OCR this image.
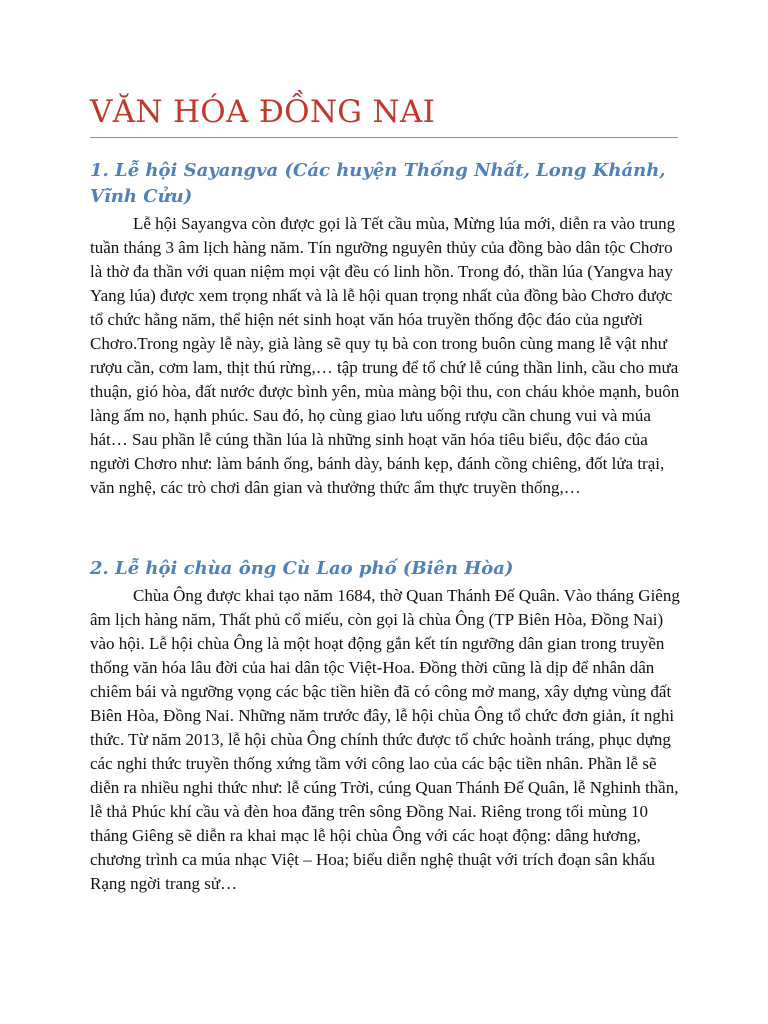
VĂN HÓA ĐỒNG NAI
1. Lễ hội Sayangva (Các huyện Thống Nhất, Long Khánh, Vĩnh Cửu)

Lễ hội Sayangva còn được gọi là Tết cầu mùa, Mừng lúa mới, diễn ra vào trung tuần tháng 3 âm lịch hàng năm. Tín ngưỡng nguyên thủy của đồng bào dân tộc Chơro là thờ đa thần với quan niệm mọi vật đều có linh hồn. Trong đó, thần lúa (Yangva hay Yang lúa) được xem trọng nhất và là lễ hội quan trọng nhất của đồng bào Chơro được tổ chức hằng năm, thể hiện nét sinh hoạt văn hóa truyền thống độc đáo của người Chơro.Trong ngày lễ này, già làng sẽ quy tụ bà con trong buôn cùng mang lễ vật như rượu cần, cơm lam, thịt thú rừng,… tập trung để tổ chứ lễ cúng thần linh, cầu cho mưa thuận, gió hòa, đất nước được bình yên, mùa màng bội thu, con cháu khỏe mạnh, buôn làng ấm no, hạnh phúc. Sau đó, họ cùng giao lưu uống rượu cần chung vui và múa hát… Sau phần lễ cúng thần lúa là những sinh hoạt văn hóa tiêu biểu, độc đáo của người Chơro như: làm bánh ống, bánh dày, bánh kẹp, đánh cồng chiêng, đốt lửa trại, văn nghệ, các trò chơi dân gian và thưởng thức ẩm thực truyền thống,…

2. Lễ hội chùa ông Cù Lao phố (Biên Hòa)

Chùa Ông được khai tạo năm 1684, thờ Quan Thánh Đế Quân. Vào tháng Giêng âm lịch hàng năm, Thất phủ cổ miếu, còn gọi là chùa Ông (TP Biên Hòa, Đồng Nai) vào hội. Lễ hội chùa Ông là một hoạt động gắn kết tín ngưỡng dân gian trong truyền thống văn hóa lâu đời của hai dân tộc Việt-Hoa. Đồng thời cũng là dịp để nhân dân chiêm bái và ngưỡng vọng các bậc tiền hiền đã có công mở mang, xây dựng vùng đất Biên Hòa, Đồng Nai. Những năm trước đây, lễ hội chùa Ông tổ chức đơn giản, ít nghi thức. Từ năm 2013, lễ hội chùa Ông chính thức được tổ chức hoành tráng, phục dựng các nghi thức truyền thống xứng tầm với công lao của các bậc tiền nhân. Phần lễ sẽ diễn ra nhiều nghi thức như: lễ cúng Trời, cúng Quan Thánh Đế Quân, lễ Nghinh thần, lễ thả Phúc khí cầu và đèn hoa đăng trên sông Đồng Nai. Riêng trong tối mùng 10 tháng Giêng sẽ diễn ra khai mạc lễ hội chùa Ông với các hoạt động: dâng hương, chương trình ca múa nhạc Việt – Hoa; biểu diễn nghệ thuật với trích đoạn sân khấu Rạng ngời trang sử…
